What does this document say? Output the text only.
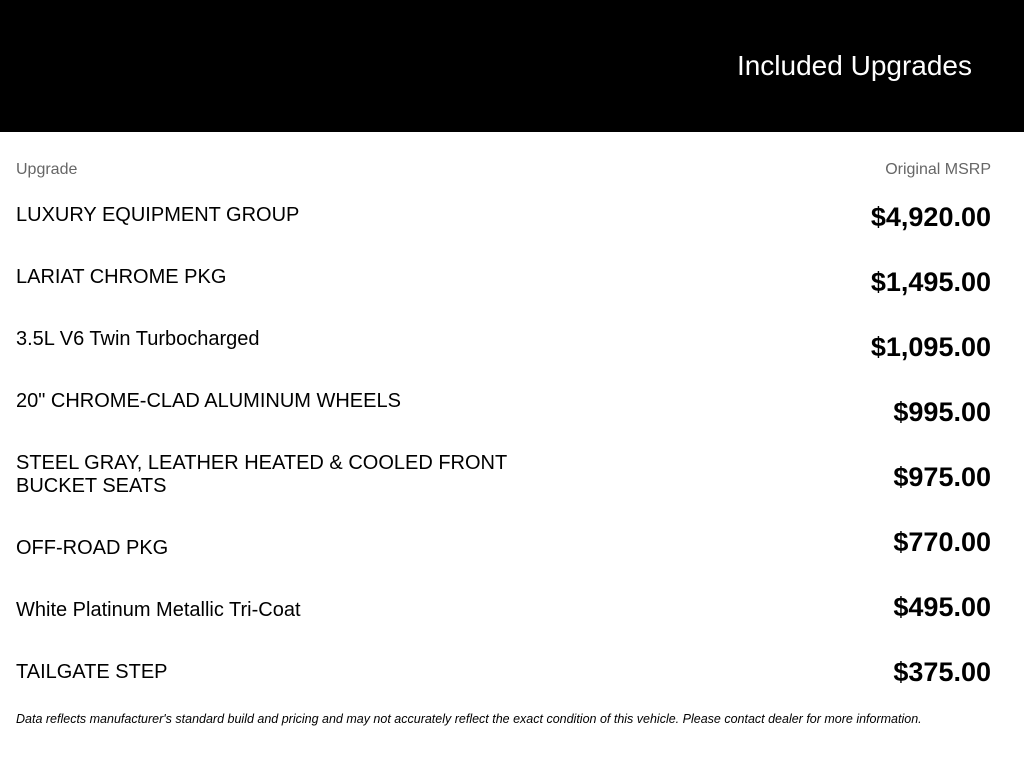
Included Upgrades
Upgrade	Original MSRP
LUXURY EQUIPMENT GROUP	$4,920.00
LARIAT CHROME PKG	$1,495.00
3.5L V6 Twin Turbocharged	$1,095.00
20" CHROME-CLAD ALUMINUM WHEELS	$995.00
STEEL GRAY, LEATHER HEATED & COOLED FRONT BUCKET SEATS	$975.00
OFF-ROAD PKG	$770.00
White Platinum Metallic Tri-Coat	$495.00
TAILGATE STEP	$375.00

Data reflects manufacturer's standard build and pricing and may not accurately reflect the exact condition of this vehicle. Please contact dealer for more information.
